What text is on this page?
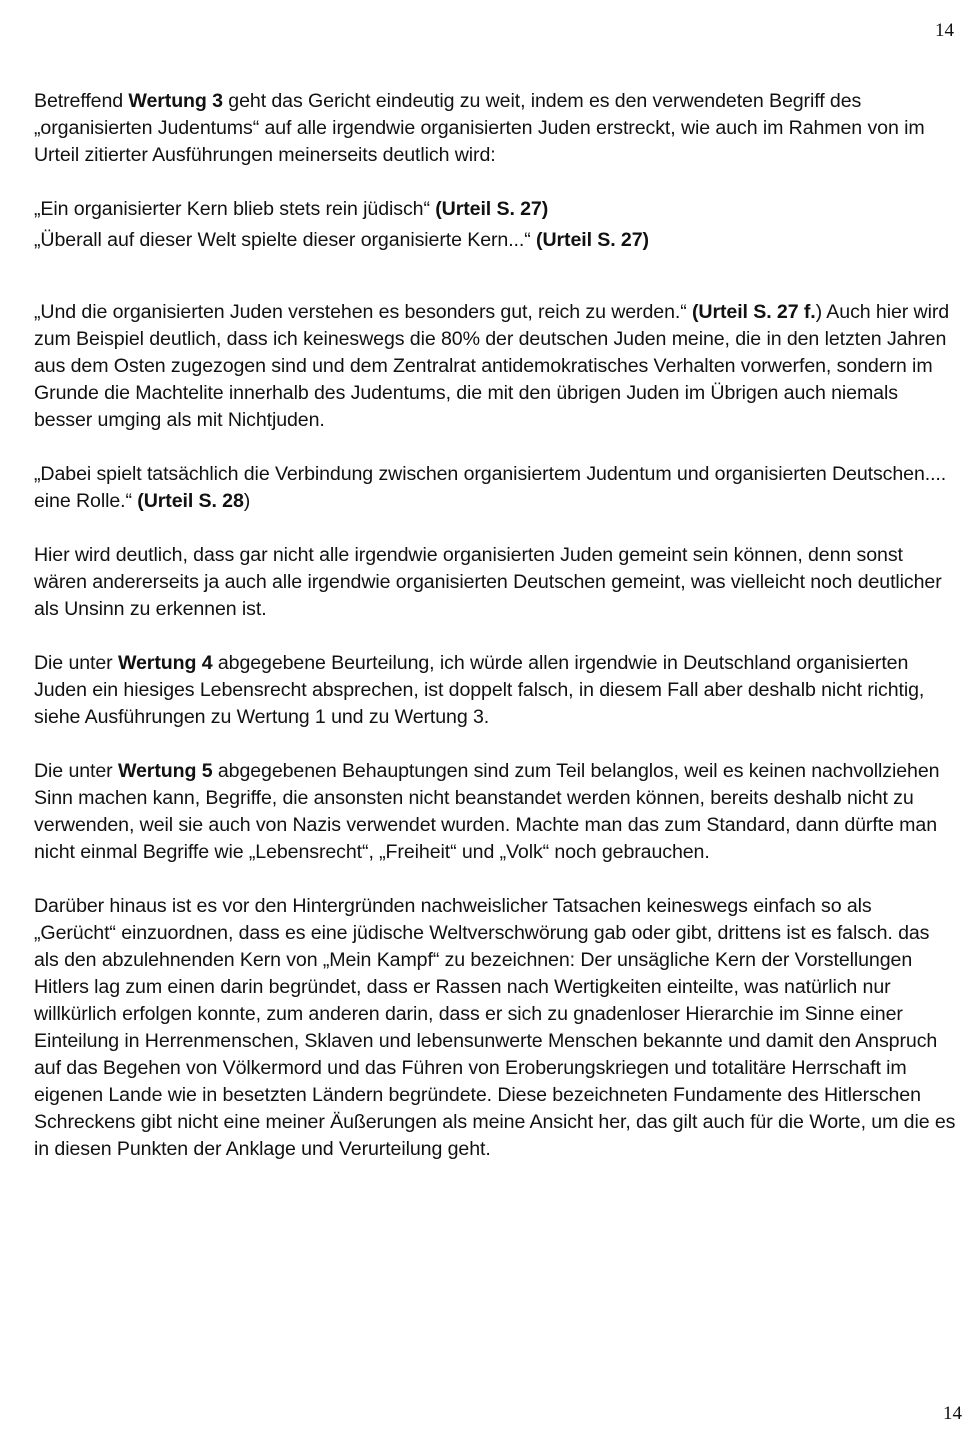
14

Betreffend Wertung 3 geht das Gericht eindeutig zu weit, indem es den verwendeten Begriff des „organisierten Judentums“ auf alle irgendwie organisierten Juden erstreckt, wie auch im Rahmen von im Urteil zitierter Ausführungen meinerseits deutlich wird:

„Ein organisierter Kern blieb stets rein jüdisch“ (Urteil S. 27)

„Überall auf dieser Welt spielte dieser organisierte Kern...“ (Urteil S. 27)

„Und die organisierten Juden verstehen es besonders gut, reich zu werden.“ (Urteil S. 27 f.) Auch hier wird zum Beispiel deutlich, dass ich keineswegs die 80% der deutschen Juden meine, die in den letzten Jahren aus dem Osten zugezogen sind und dem Zentralrat antidemokratisches Verhalten vorwerfen, sondern im Grunde die Machtelite innerhalb des Judentums, die mit den übrigen Juden im Übrigen auch niemals besser umging als mit Nichtjuden.

„Dabei spielt tatsächlich die Verbindung zwischen organisiertem Judentum und organisierten Deutschen.... eine Rolle.“ (Urteil S. 28)

Hier wird deutlich, dass gar nicht alle irgendwie organisierten Juden gemeint sein können, denn sonst wären andererseits ja auch alle irgendwie organisierten Deutschen gemeint, was vielleicht noch deutlicher als Unsinn zu erkennen ist.

Die unter Wertung 4 abgegebene Beurteilung, ich würde allen irgendwie in Deutschland organisierten Juden ein hiesiges Lebensrecht absprechen, ist doppelt falsch, in diesem Fall aber deshalb nicht richtig, siehe Ausführungen zu Wertung 1 und zu Wertung 3.

Die unter Wertung 5 abgegebenen Behauptungen sind zum Teil belanglos, weil es keinen nachvollziehen Sinn machen kann, Begriffe, die ansonsten nicht beanstandet werden können, bereits deshalb nicht zu verwenden, weil sie auch von Nazis verwendet wurden. Machte man das zum Standard, dann dürfte man nicht einmal Begriffe wie „Lebensrecht“, „Freiheit“ und „Volk“ noch gebrauchen.

Darüber hinaus ist es vor den Hintergründen nachweislicher Tatsachen keineswegs einfach so als „Gerücht“ einzuordnen, dass es eine jüdische Weltverschwörung gab oder gibt, drittens ist es falsch. das als den abzulehnenden Kern von „Mein Kampf“ zu bezeichnen: Der unsägliche Kern der Vorstellungen Hitlers lag zum einen darin begründet, dass er Rassen nach Wertigkeiten einteilte, was natürlich nur willkürlich erfolgen konnte, zum anderen darin, dass er sich zu gnadenloser Hierarchie im Sinne einer Einteilung in Herrenmenschen, Sklaven und lebensunwerte Menschen bekannte und damit den Anspruch auf das Begehen von Völkermord und das Führen von Eroberungskriegen und totalitäre Herrschaft im eigenen Lande wie in besetzten Ländern begründete. Diese bezeichneten Fundamente des Hitlerschen Schreckens gibt nicht eine meiner Äußerungen als meine Ansicht her, das gilt auch für die Worte, um die es in diesen Punkten der Anklage und Verurteilung geht.

14
